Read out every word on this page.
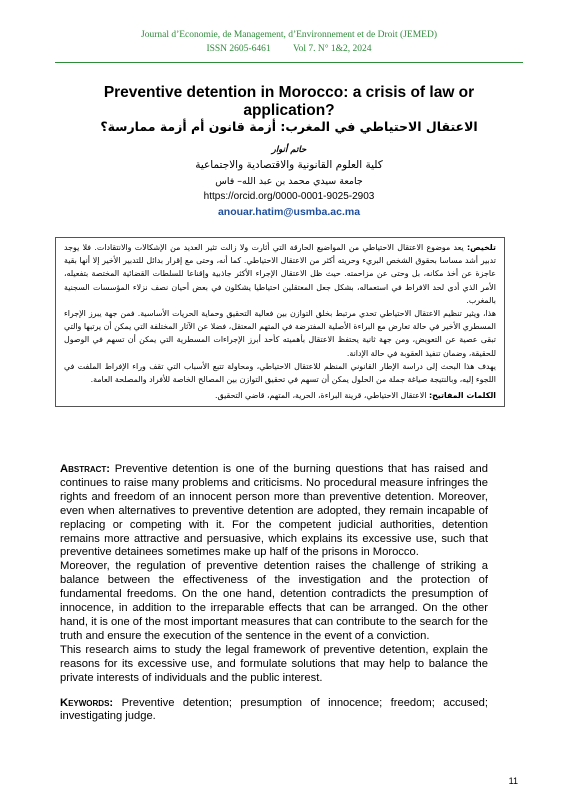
Journal d’Economie, de Management, d’Environnement et de Droit (JEMED)
ISSN 2605-6461 Vol 7. N° 1&2, 2024
Preventive detention in Morocco: a crisis of law or application?
الاعتقال الاحتياطي في المغرب: أزمة قانون أم أزمة ممارسة؟
حاتم أنوار
كلية العلوم القانونية والاقتصادية والاجتماعية
جامعة سيدي محمد بن عبد الله– فاس
https://orcid.org/0000-0001-9025-2903
anouar.hatim@usmba.ac.ma

تلخيص: يعد موضوع الاعتقال الاحتياطي من المواضيع الحارقة التي أثارت ولا زالت تثير العديد من الإشكالات والانتقادات. فلا يوجد تدبير أشد مساسا بحقوق الشخص البريء وحريته أكثر من الاعتقال الاحتياطي. كما أنه، وحتى مع إقرار بدائل للتدبير الأخير إلا أنها بقية عاجزة عن أخذ مكانه، بل وحتى عن مزاحمته. حيث ظل الاعتقال الإجراء الأكثر جاذبية وإقناعا للسلطات القضائية المختصة بتفعيله، الأمر الذي أدى لحد الافراط في استعماله، بشكل جعل المعتقلين احتياطيا يشكلون في بعض أحيان نصف نزلاء المؤسسات السجنية بالمغرب.

هذا، ويثير تنظيم الاعتقال الاحتياطي تحدي مرتبط بخلق التوازن بين فعالية التحقيق وحماية الحريات الأساسية. فمن جهة يبرز الإجراء المسطري الأخير في حالة تعارض مع البراءة الأصلية المفترضة في المتهم المعتقل، فضلا عن الآثار المختلفة التي يمكن أن يرتبها والتي تبقى عصية عن التعويض، ومن جهة ثانية يحتفظ الاعتقال بأهميته كأحد أبرز الإجراءات المسطرية التي يمكن أن تسهم في الوصول للحقيقة، وضمان تنفيذ العقوبة في حالة الإدانة.

يهدف هذا البحث إلى دراسة الإطار القانوني المنظم للاعتقال الاحتياطي، ومحاولة تتبع الأسباب التي تقف وراء الإفراط الملفت في اللجوء إليه، وبالنتيجة صياغة جملة من الحلول يمكن أن تسهم في تحقيق التوازن بين المصالح الخاصة للأفراد والمصلحة العامة.

الكلمات المفاتيح: الاعتقال الاحتياطي، قرينة البراءة، الحرية، المتهم، قاضي التحقيق.

Abstract: Preventive detention is one of the burning questions that has raised and continues to raise many problems and criticisms. No procedural measure infringes the rights and freedom of an innocent person more than preventive detention. Moreover, even when alternatives to preventive detention are adopted, they remain incapable of replacing or competing with it. For the competent judicial authorities, detention remains more attractive and persuasive, which explains its excessive use, such that preventive detainees sometimes make up half of the prisons in Morocco.

Moreover, the regulation of preventive detention raises the challenge of striking a balance between the effectiveness of the investigation and the protection of fundamental freedoms. On the one hand, detention contradicts the presumption of innocence, in addition to the irreparable effects that can be arranged. On the other hand, it is one of the most important measures that can contribute to the search for the truth and ensure the execution of the sentence in the event of a conviction.

This research aims to study the legal framework of preventive detention, explain the reasons for its excessive use, and formulate solutions that may help to balance the private interests of individuals and the public interest.

Keywords: Preventive detention; presumption of innocence; freedom; accused; investigating judge.

11
